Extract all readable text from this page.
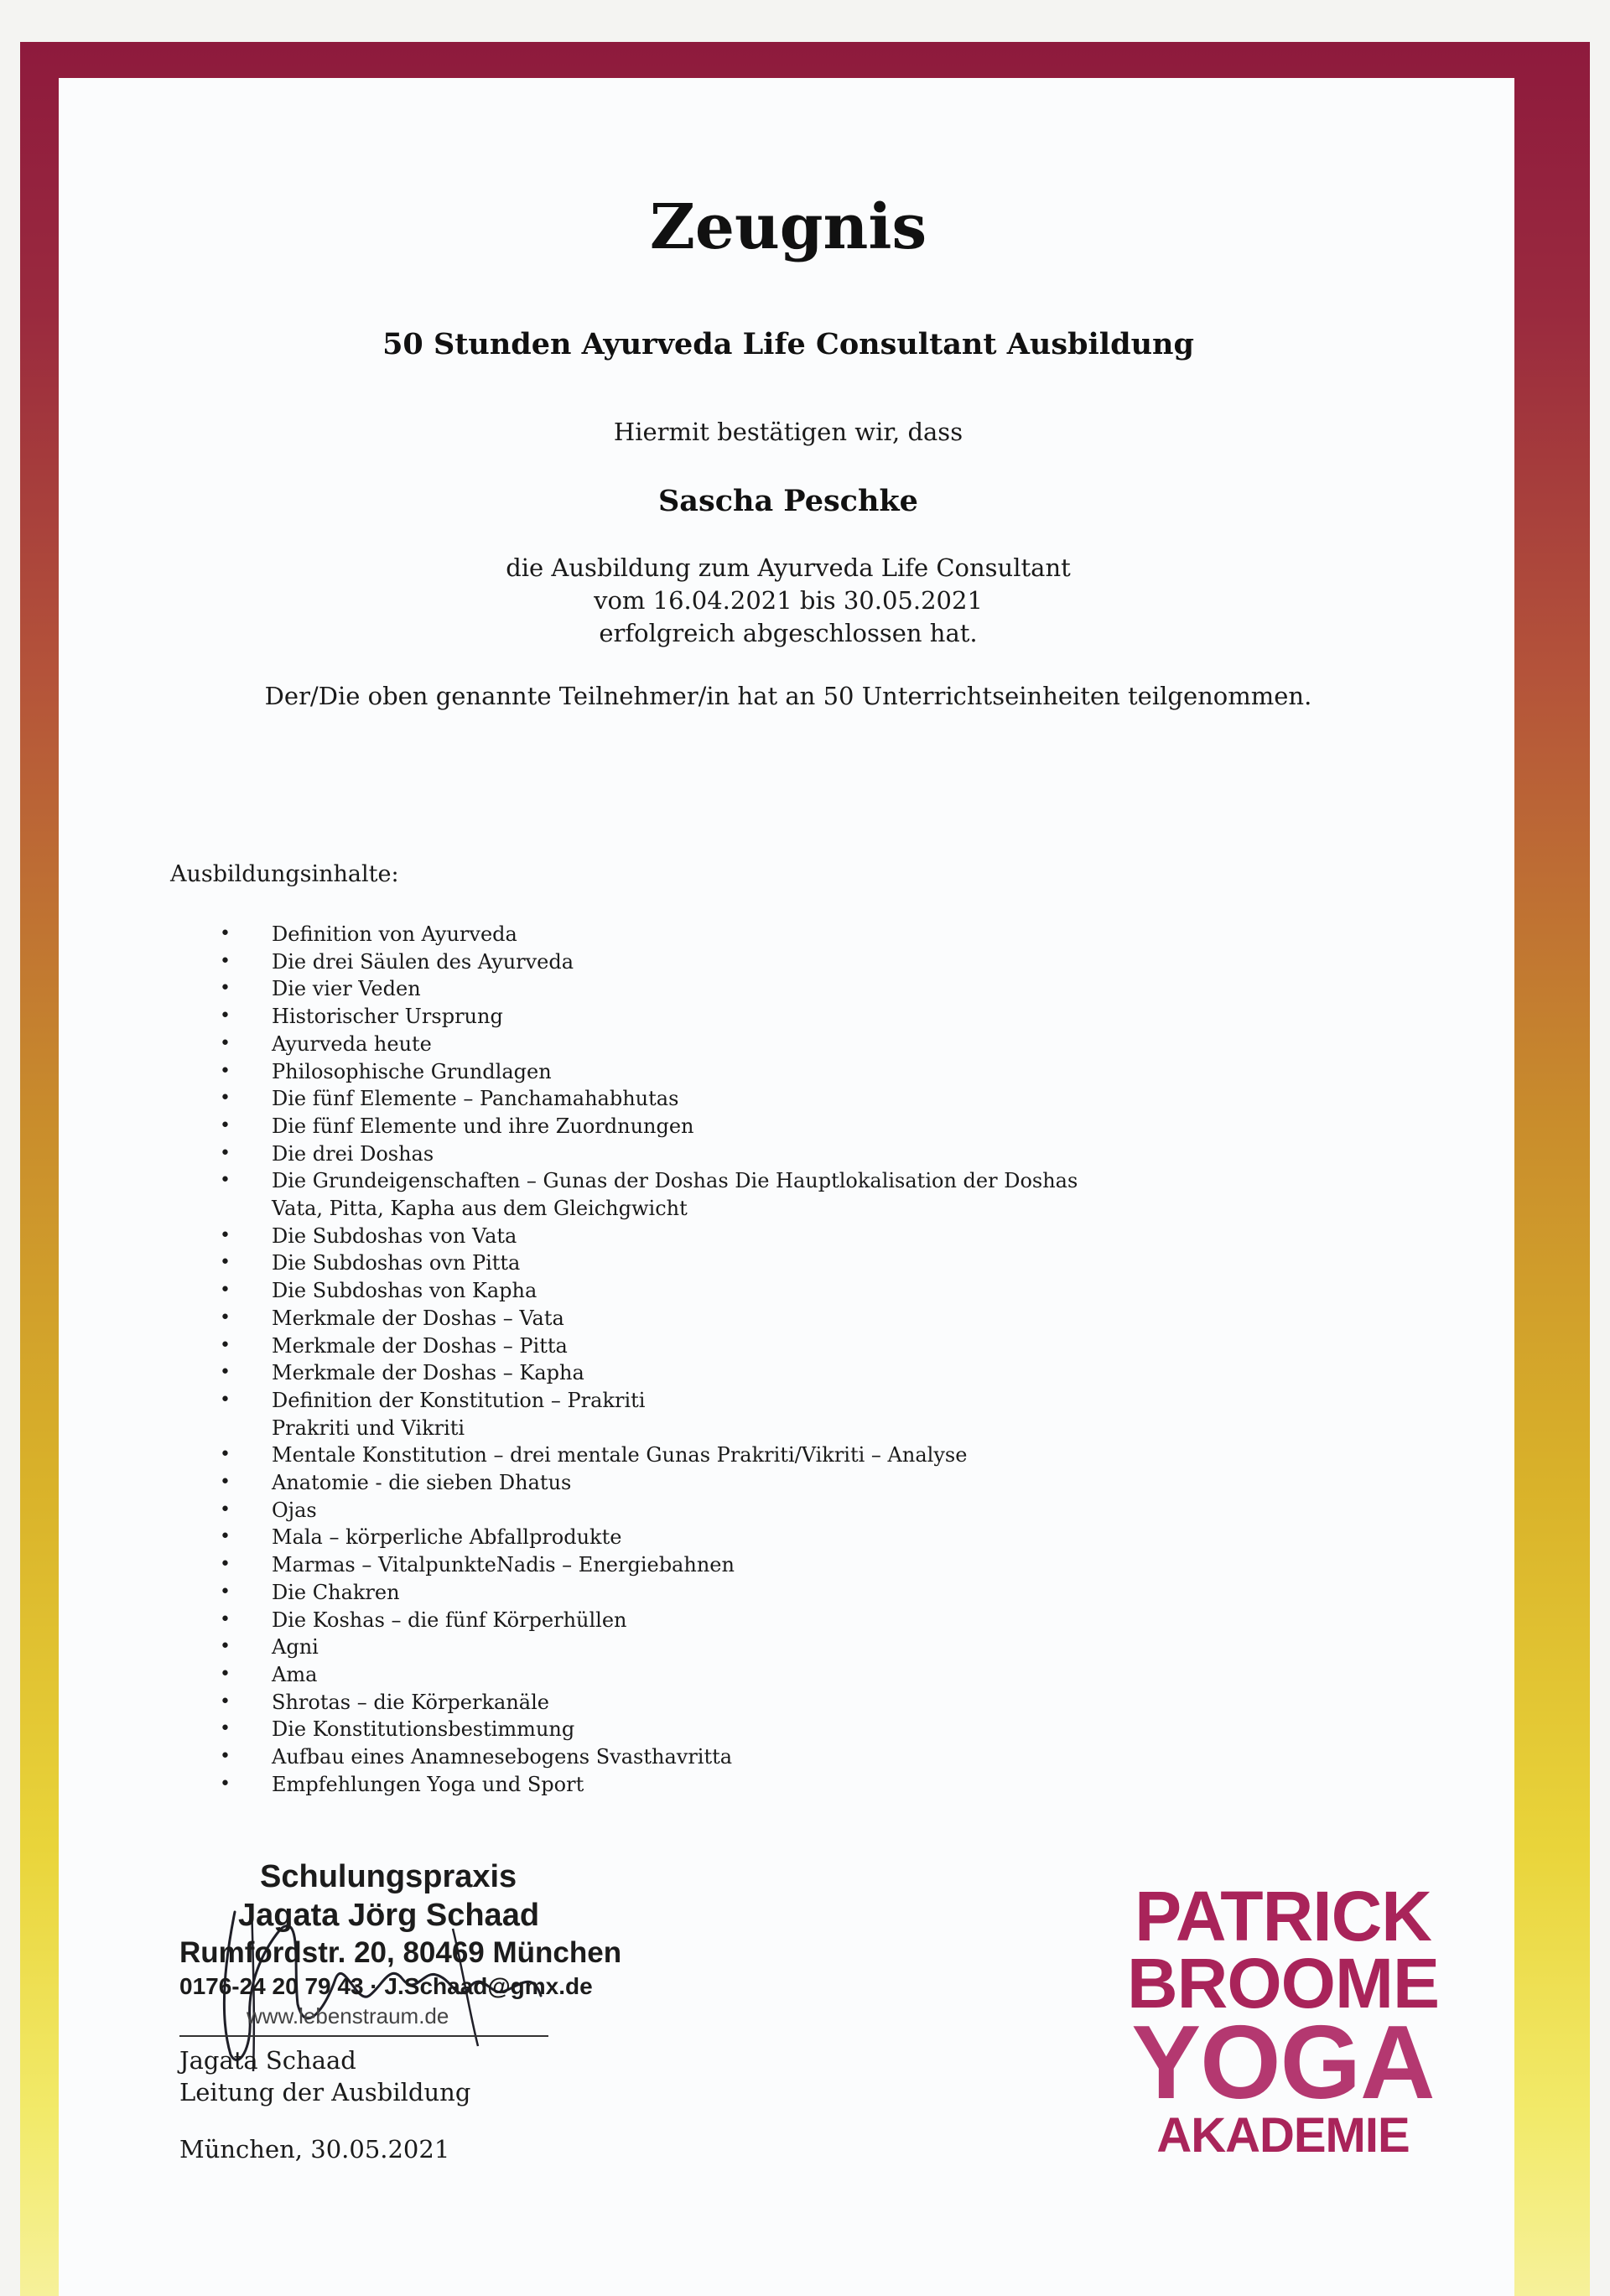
Zeugnis
50 Stunden Ayurveda Life Consultant Ausbildung
Hiermit bestätigen wir, dass
Sascha Peschke
die Ausbildung zum Ayurveda Life Consultant
vom 16.04.2021 bis 30.05.2021
erfolgreich abgeschlossen hat.
Der/Die oben genannte Teilnehmer/in hat an 50 Unterrichtseinheiten teilgenommen.
Ausbildungsinhalte:
• Definition von Ayurveda
• Die drei Säulen des Ayurveda
• Die vier Veden
• Historischer Ursprung
• Ayurveda heute
• Philosophische Grundlagen
• Die fünf Elemente – Panchamahabhutas
• Die fünf Elemente und ihre Zuordnungen
• Die drei Doshas
• Die Grundeigenschaften – Gunas der Doshas Die Hauptlokalisation der Doshas
Vata, Pitta, Kapha aus dem Gleichgwicht
• Die Subdoshas von Vata
• Die Subdoshas ovn Pitta
• Die Subdoshas von Kapha
• Merkmale der Doshas – Vata
• Merkmale der Doshas – Pitta
• Merkmale der Doshas – Kapha
• Definition der Konstitution – Prakriti
Prakriti und Vikriti
• Mentale Konstitution – drei mentale Gunas Prakriti/Vikriti – Analyse
• Anatomie - die sieben Dhatus
• Ojas
• Mala – körperliche Abfallprodukte
• Marmas – VitalpunkteNadis – Energiebahnen
• Die Chakren
• Die Koshas – die fünf Körperhüllen
• Agni
• Ama
• Shrotas – die Körperkanäle
• Die Konstitutionsbestimmung
• Aufbau eines Anamnesebogens Svasthavritta
• Empfehlungen Yoga und Sport
Schulungspraxis
Jagata Jörg Schaad
Rumfordstr. 20, 80469 München
0176-24 20 79 43 · J.Schaad@gmx.de
www.lebenstraum.de
Jagata Schaad
Leitung der Ausbildung
München, 30.05.2021
PATRICK
BROOME
YOGA
AKADEMIE
